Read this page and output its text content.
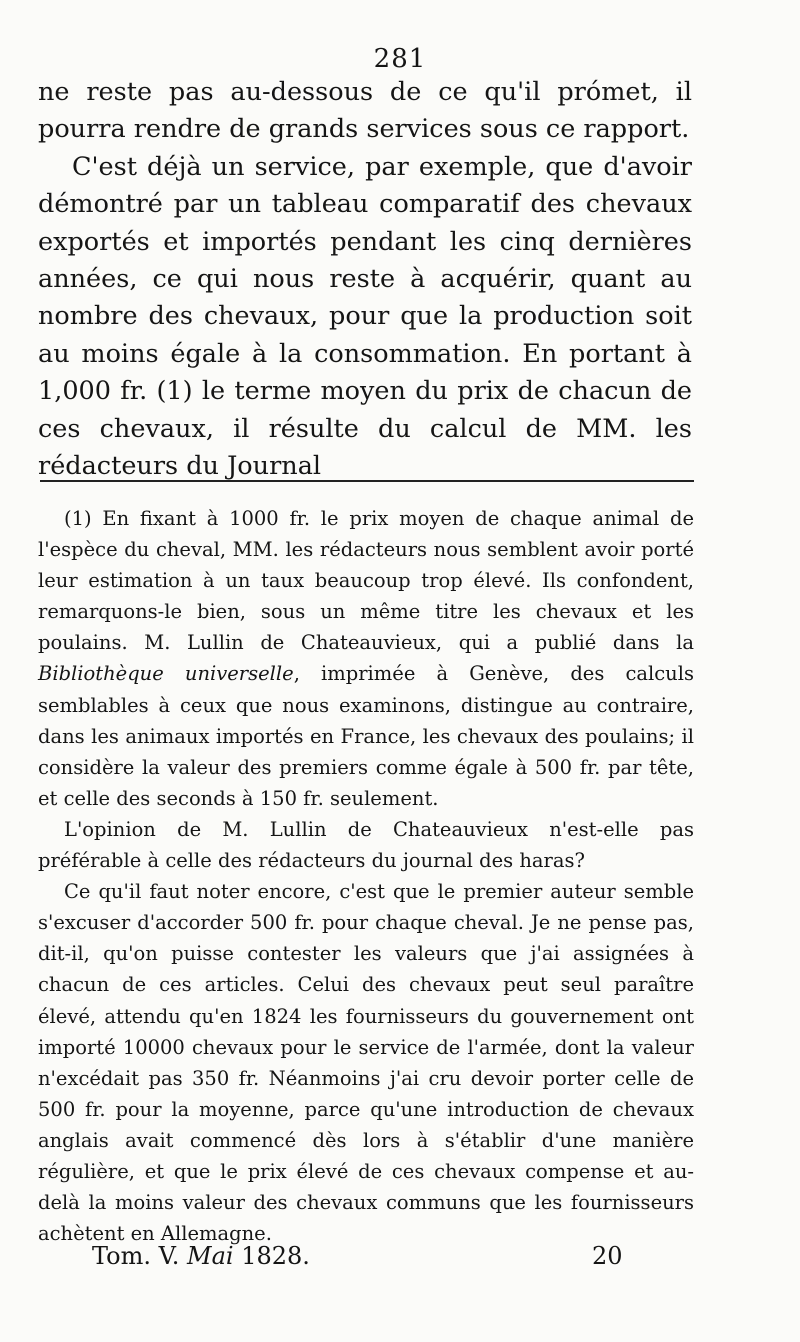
281

ne reste pas au-dessous de ce qu'il prómet, il pourra rendre de grands services sous ce rapport.

C'est déjà un service, par exemple, que d'avoir démontré par un tableau comparatif des chevaux exportés et importés pendant les cinq dernières années, ce qui nous reste à acquérir, quant au nombre des chevaux, pour que la production soit au moins égale à la consommation. En portant à 1,000 fr. (1) le terme moyen du prix de chacun de ces chevaux, il résulte du calcul de MM. les rédacteurs du Journal

(1) En fixant à 1000 fr. le prix moyen de chaque animal de l'espèce du cheval, MM. les rédacteurs nous semblent avoir porté leur estimation à un taux beaucoup trop élevé. Ils confondent, remarquons-le bien, sous un même titre les chevaux et les poulains. M. Lullin de Chateauvieux, qui a publié dans la Bibliothèque universelle, imprimée à Genève, des calculs semblables à ceux que nous examinons, distingue au contraire, dans les animaux importés en France, les chevaux des poulains; il considère la valeur des premiers comme égale à 500 fr. par tête, et celle des seconds à 150 fr. seulement.

L'opinion de M. Lullin de Chateauvieux n'est-elle pas préférable à celle des rédacteurs du journal des haras?

Ce qu'il faut noter encore, c'est que le premier auteur semble s'excuser d'accorder 500 fr. pour chaque cheval. Je ne pense pas, dit-il, qu'on puisse contester les valeurs que j'ai assignées à chacun de ces articles. Celui des chevaux peut seul paraître élevé, attendu qu'en 1824 les fournisseurs du gouvernement ont importé 10000 chevaux pour le service de l'armée, dont la valeur n'excédait pas 350 fr. Néanmoins j'ai cru devoir porter celle de 500 fr. pour la moyenne, parce qu'une introduction de chevaux anglais avait commencé dès lors à s'établir d'une manière régulière, et que le prix élevé de ces chevaux compense et au-delà la moins valeur des chevaux communs que les fournisseurs achètent en Allemagne.

Tom. V. Mai 1828.	20
